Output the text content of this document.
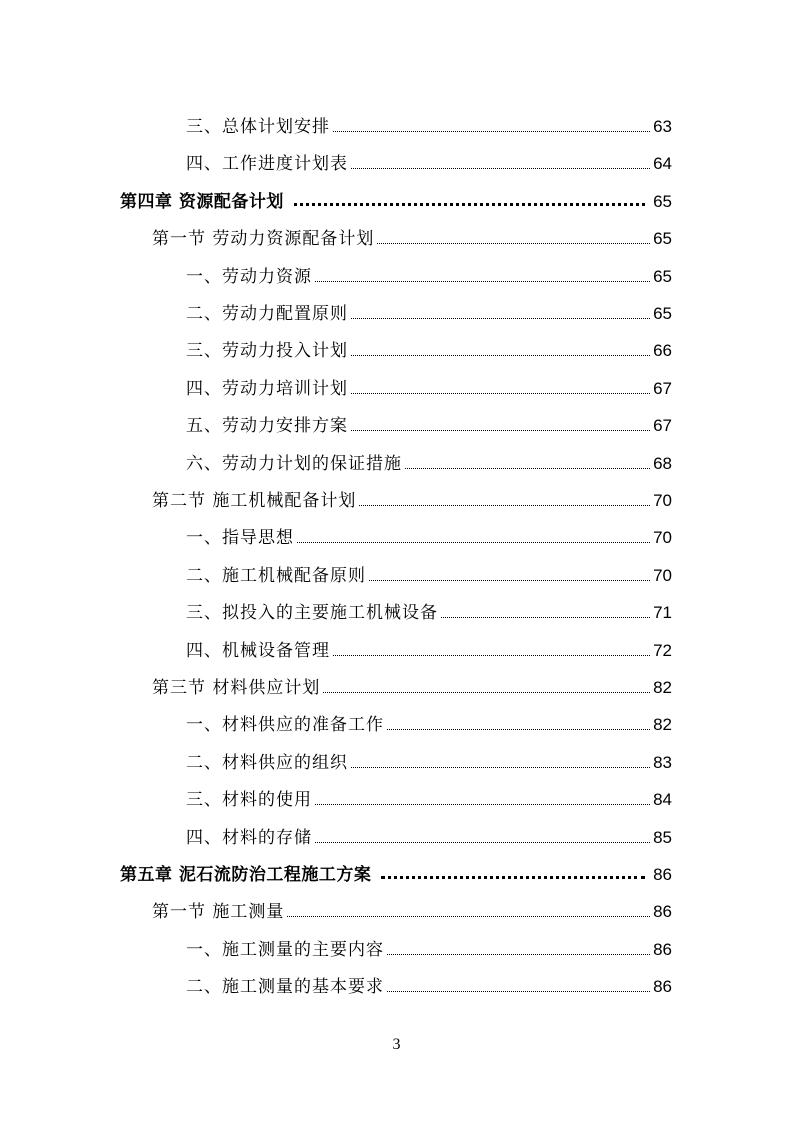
三、总体计划安排	63
四、工作进度计划表	64
第四章 资源配备计划	65
第一节 劳动力资源配备计划	65
一、劳动力资源	65
二、劳动力配置原则	65
三、劳动力投入计划	66
四、劳动力培训计划	67
五、劳动力安排方案	67
六、劳动力计划的保证措施	68
第二节 施工机械配备计划	70
一、指导思想	70
二、施工机械配备原则	70
三、拟投入的主要施工机械设备	71
四、机械设备管理	72
第三节 材料供应计划	82
一、材料供应的准备工作	82
二、材料供应的组织	83
三、材料的使用	84
四、材料的存储	85
第五章 泥石流防治工程施工方案	86
第一节 施工测量	86
一、施工测量的主要内容	86
二、施工测量的基本要求	86
3
